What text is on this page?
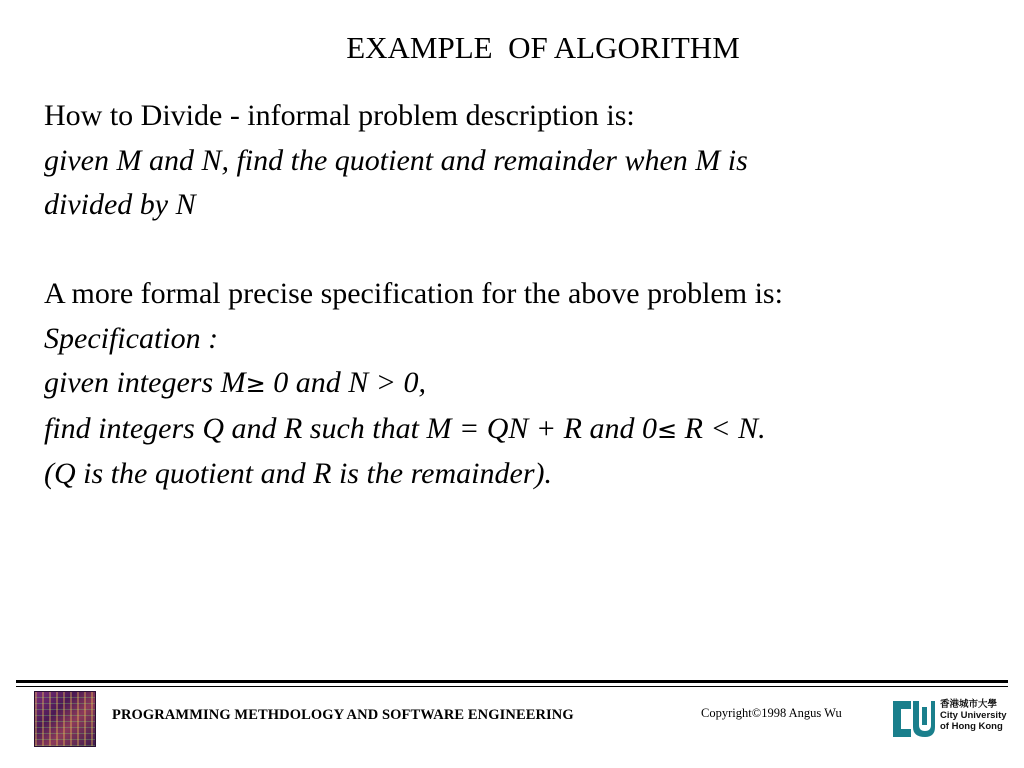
EXAMPLE  OF ALGORITHM
How to Divide - informal problem description is:
given M and N, find the quotient and remainder when M is
divided by N
A more formal precise specification for the above problem is:
Specification :
given integers M≥ 0 and N > 0,
find integers Q and R such that M = QN + R and 0≤ R < N.
(Q is the quotient and R is the remainder).
PROGRAMMING METHDOLOGY AND SOFTWARE ENGINEERING	Copyright©1998 Angus Wu
香港城市大學
City University
of Hong Kong
